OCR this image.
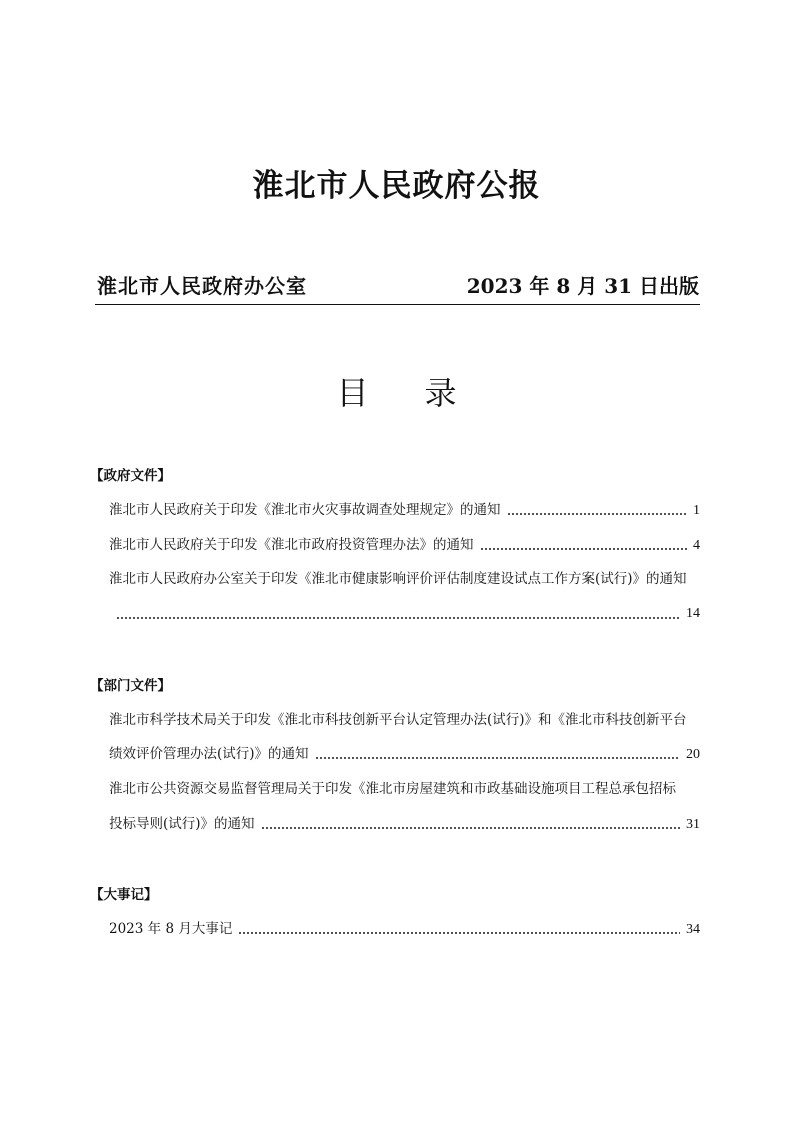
淮北市人民政府公报
淮北市人民政府办公室	2023 年 8 月 31 日出版
目录
【政府文件】
淮北市人民政府关于印发《淮北市火灾事故调查处理规定》的通知	1
淮北市人民政府关于印发《淮北市政府投资管理办法》的通知	4
淮北市人民政府办公室关于印发《淮北市健康影响评价评估制度建设试点工作方案(试行)》的通知
14
【部门文件】
淮北市科学技术局关于印发《淮北市科技创新平台认定管理办法(试行)》和《淮北市科技创新平台
绩效评价管理办法(试行)》的通知	20
淮北市公共资源交易监督管理局关于印发《淮北市房屋建筑和市政基础设施项目工程总承包招标
投标导则(试行)》的通知	31
【大事记】
2023 年 8 月大事记	34
